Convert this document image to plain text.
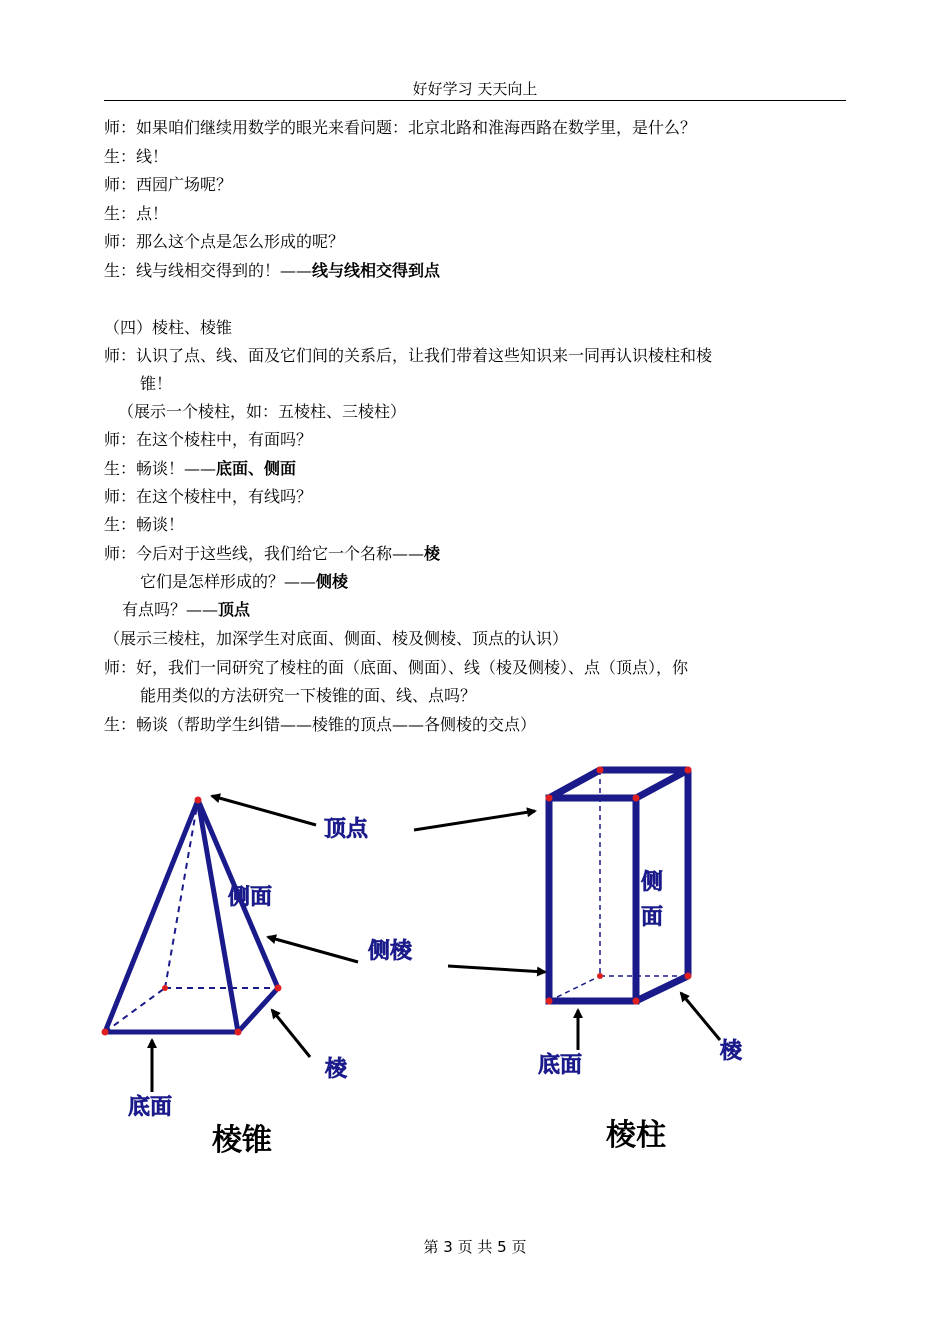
好好学习 天天向上
师：如果咱们继续用数学的眼光来看问题：北京北路和淮海西路在数学里，是什么？
生：线！
师：西园广场呢？
生：点！
师：那么这个点是怎么形成的呢？
生：线与线相交得到的！——线与线相交得到点
（四）棱柱、棱锥
师：认识了点、线、面及它们间的关系后，让我们带着这些知识来一同再认识棱柱和棱
锥！
（展示一个棱柱，如：五棱柱、三棱柱）
师：在这个棱柱中，有面吗？
生：畅谈！——底面、侧面
师：在这个棱柱中，有线吗？
生：畅谈！
师：今后对于这些线，我们给它一个名称——棱
它们是怎样形成的？——侧棱
有点吗？——顶点
（展示三棱柱，加深学生对底面、侧面、棱及侧棱、顶点的认识）
师：好，我们一同研究了棱柱的面（底面、侧面）、线（棱及侧棱）、点（顶点），你
能用类似的方法研究一下棱锥的面、线、点吗？
生：畅谈（帮助学生纠错——棱锥的顶点——各侧棱的交点）
顶点
侧面
侧
面
侧棱
棱
棱
底面
底面
棱锥	棱柱
第 3 页 共 5 页
